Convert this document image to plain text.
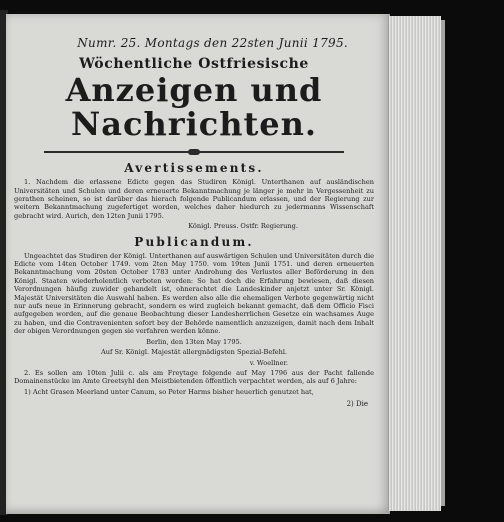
Numr. 25. Montags den 22sten Junii 1795.
Wöchentliche Ostfriesische
Anzeigen und Nachrichten.
Avertissements.
1. Nachdem die erlassene Edicte gegen das Studiren Königl. Unterthanen auf ausländischen Universitäten und Schulen und deren erneuerte Bekanntmachung je länger je mehr in Vergessenheit zu gerathen scheinen, so ist darüber das hierach folgende Publicandum erlassen, und der Regierung zur weitern Bekanntmachung zugefertiget worden, welches daher hiedurch zu jedermanns Wissenschaft gebracht wird. Aurich, den 12ten Junii 1795.
Königl. Preuss. Ostfr. Regierung.
Publicandum.
Ungeachtet das Studiren der Königl. Unterthanen auf auswärtigen Schulen und Universitäten durch die Edicte vom 14ten October 1749. vom 2ten May 1750. vom 19ten Junii 1751. und deren erneuerten Bekanntmachung vom 20sten October 1783 unter Androhung des Verlustes aller Beförderung in den Königl. Staaten wiederholentlich verboten worden: So hat doch die Erfahrung bewiesen, daß diesen Verordnungen häufig zuwider gehandelt ist, ohnerachtet die Landeskinder anjetzt unter Sr. Königl. Majestät Universitäten die Auswahl haben. Es werden also alle die ehemaligen Verbote gegenwärtig nicht nur aufs neue in Erinnerung gebracht, sondern es wird zugleich bekannt gemacht, daß dem Officio Fisci aufgegeben worden, auf die genaue Beobachtung dieser Landesherrlichen Gesetze ein wachsames Auge zu haben, und die Contravenienten sofort bey der Behörde namentlich anzuzeigen, damit nach dem Inhalt der obigen Verordnungen gegen sie verfahren werden könne.
Berlin, den 13ten May 1795.
Auf Sr. Königl. Majestät allergnädigsten Spezial-Befehl.
v. Woellner.
2. Es sollen am 10ten Julii c. als am Freytage folgende auf May 1796 aus der Pacht fallende Domainenstücke im Amte Greetsyhl den Meistbietenden öffentlich verpachtet werden, als auf 6 Jahre:
1) Acht Grasen Meerland unter Canum, so Peter Harms bisher heuerlich genutzet hat,
2) Die
